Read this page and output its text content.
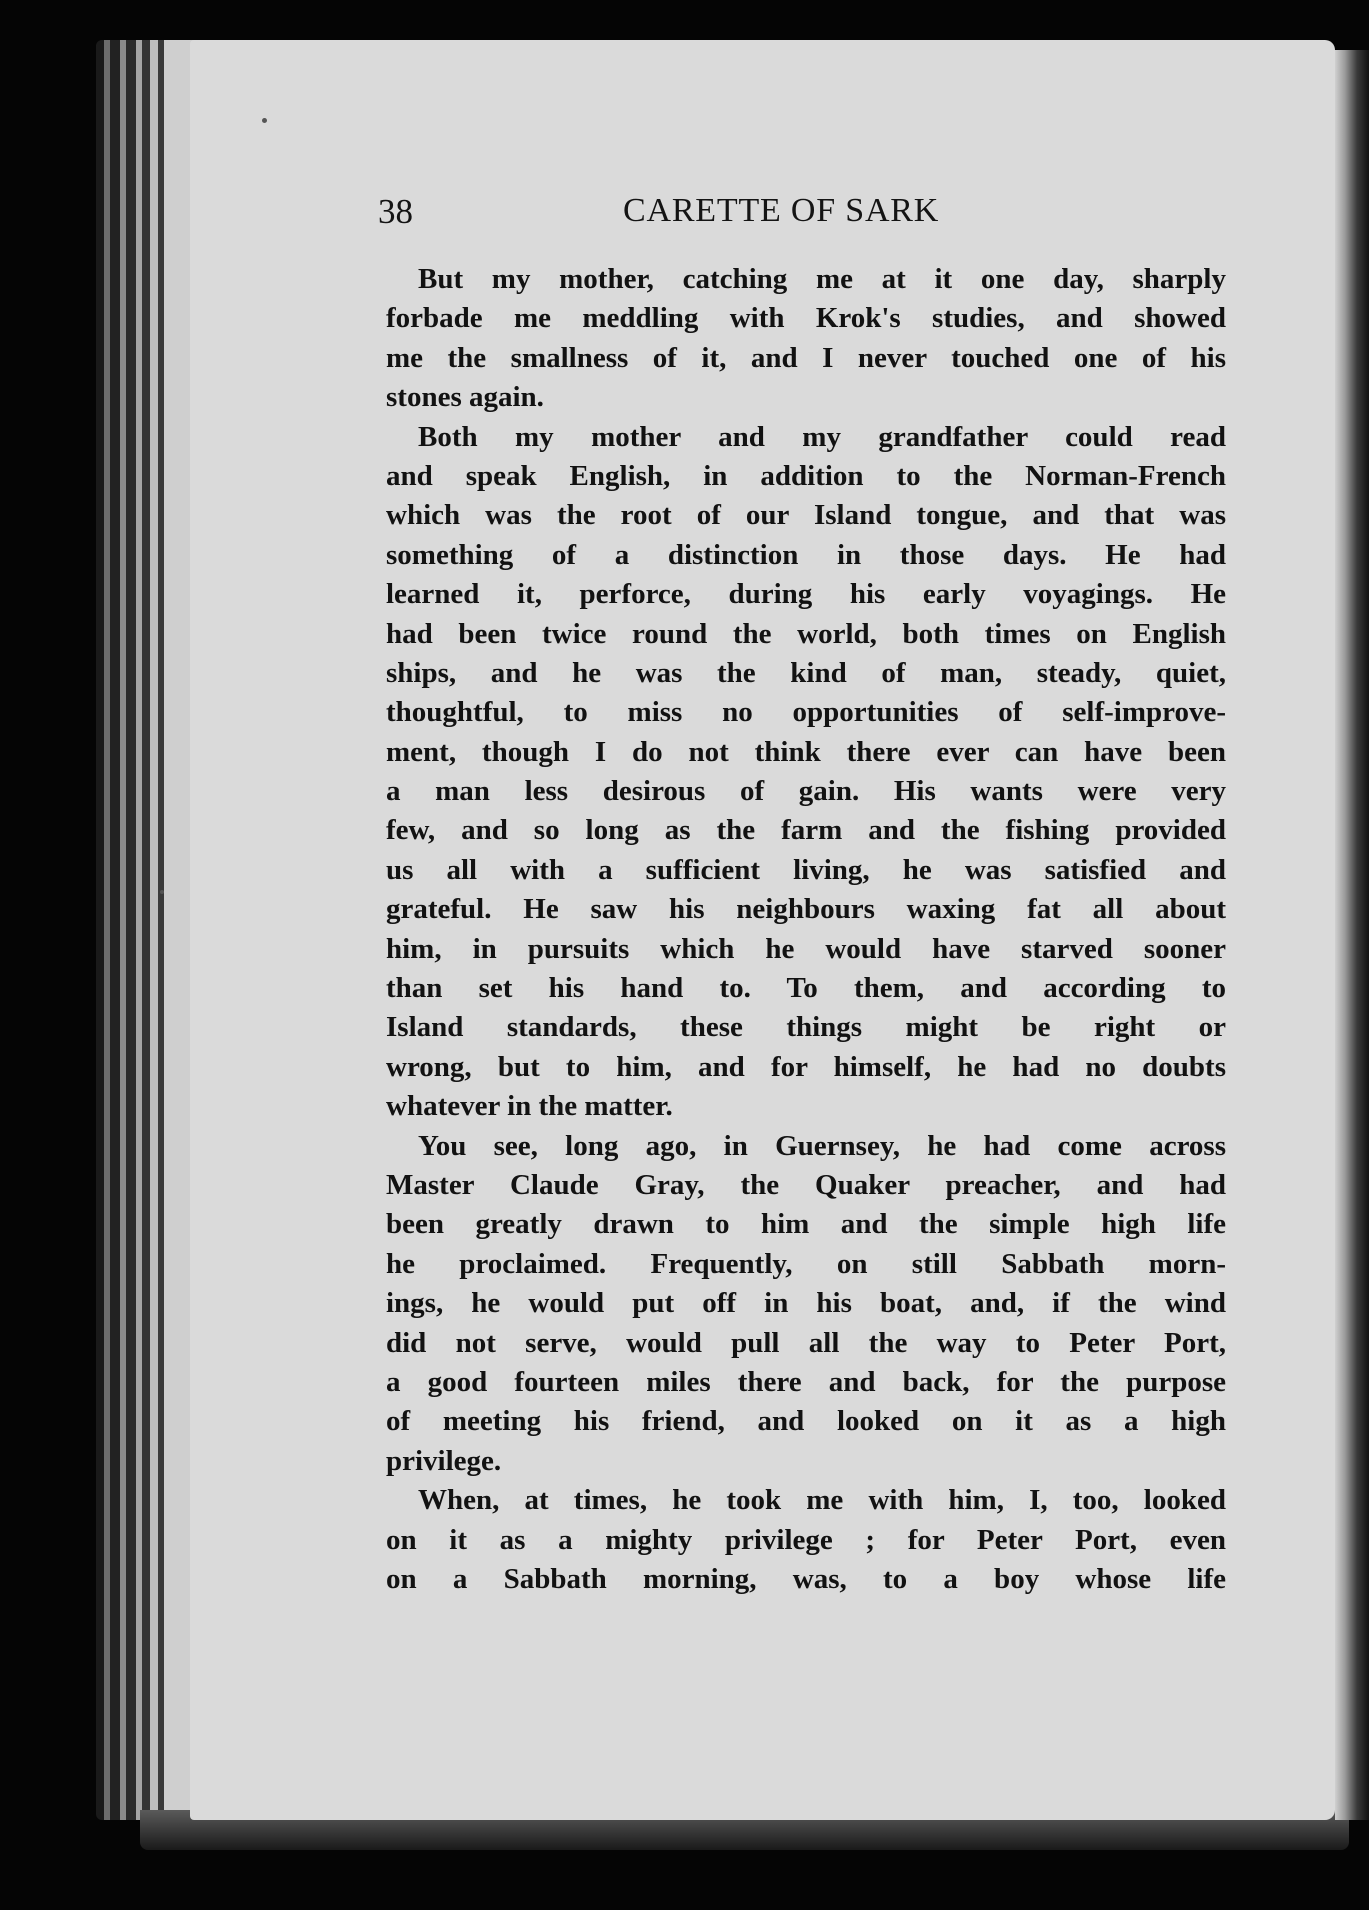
38	CARETTE OF SARK
But my mother, catching me at it one day, sharply
forbade me meddling with Krok's studies, and showed
me the smallness of it, and I never touched one of his
stones again.
Both my mother and my grandfather could read
and speak English, in addition to the Norman-French
which was the root of our Island tongue, and that was
something of a distinction in those days. He had
learned it, perforce, during his early voyagings. He
had been twice round the world, both times on English
ships, and he was the kind of man, steady, quiet,
thoughtful, to miss no opportunities of self-improve-
ment, though I do not think there ever can have been
a man less desirous of gain. His wants were very
few, and so long as the farm and the fishing provided
us all with a sufficient living, he was satisfied and
grateful. He saw his neighbours waxing fat all about
him, in pursuits which he would have starved sooner
than set his hand to. To them, and according to
Island standards, these things might be right or
wrong, but to him, and for himself, he had no doubts
whatever in the matter.
You see, long ago, in Guernsey, he had come across
Master Claude Gray, the Quaker preacher, and had
been greatly drawn to him and the simple high life
he proclaimed. Frequently, on still Sabbath morn-
ings, he would put off in his boat, and, if the wind
did not serve, would pull all the way to Peter Port,
a good fourteen miles there and back, for the purpose
of meeting his friend, and looked on it as a high
privilege.
When, at times, he took me with him, I, too, looked
on it as a mighty privilege ; for Peter Port, even
on a Sabbath morning, was, to a boy whose life
